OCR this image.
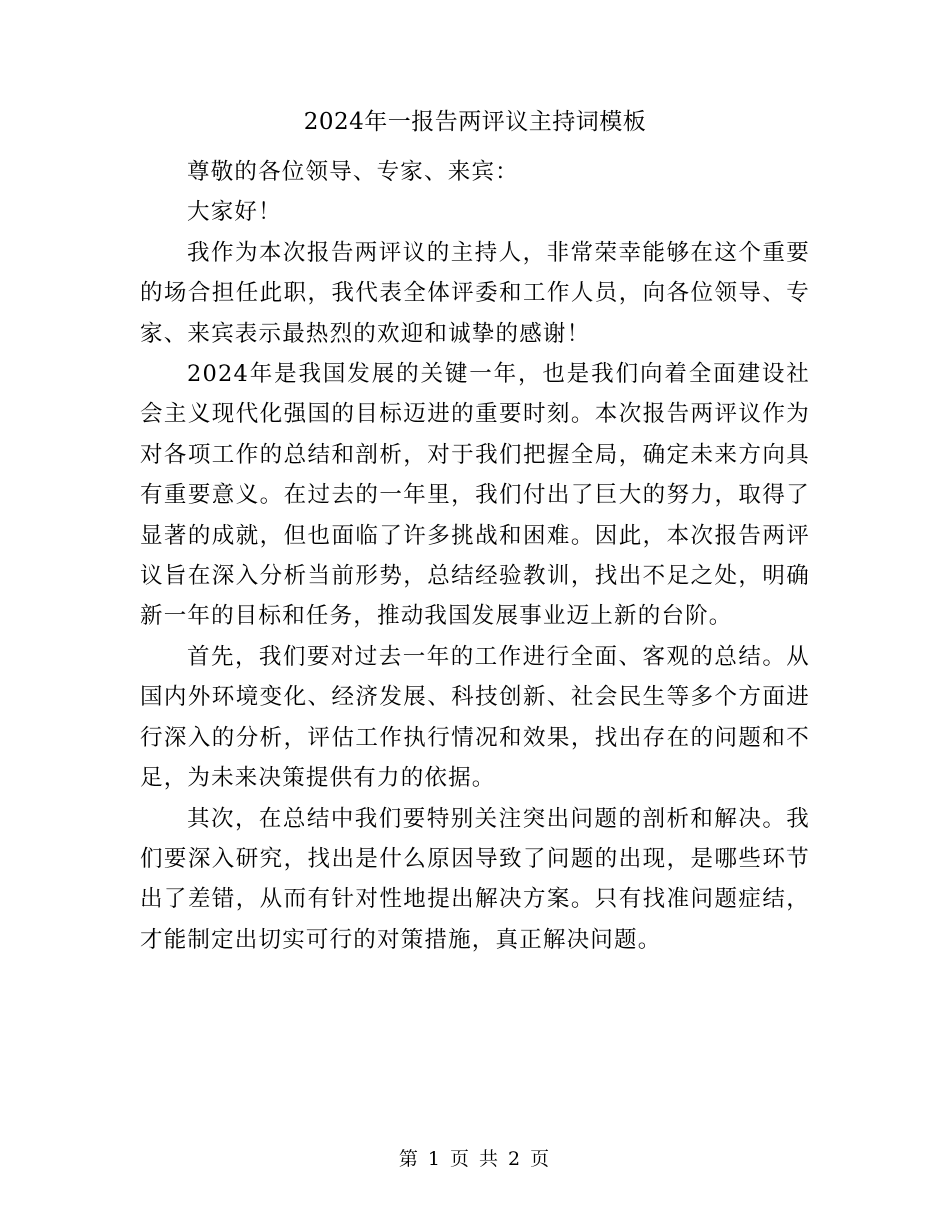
2024年一报告两评议主持词模板

尊敬的各位领导、专家、来宾：

大家好！

我作为本次报告两评议的主持人，非常荣幸能够在这个重要的场合担任此职，我代表全体评委和工作人员，向各位领导、专家、来宾表示最热烈的欢迎和诚挚的感谢！

2024年是我国发展的关键一年，也是我们向着全面建设社会主义现代化强国的目标迈进的重要时刻。本次报告两评议作为对各项工作的总结和剖析，对于我们把握全局，确定未来方向具有重要意义。在过去的一年里，我们付出了巨大的努力，取得了显著的成就，但也面临了许多挑战和困难。因此，本次报告两评议旨在深入分析当前形势，总结经验教训，找出不足之处，明确新一年的目标和任务，推动我国发展事业迈上新的台阶。

首先，我们要对过去一年的工作进行全面、客观的总结。从国内外环境变化、经济发展、科技创新、社会民生等多个方面进行深入的分析，评估工作执行情况和效果，找出存在的问题和不足，为未来决策提供有力的依据。

其次，在总结中我们要特别关注突出问题的剖析和解决。我们要深入研究，找出是什么原因导致了问题的出现，是哪些环节出了差错，从而有针对性地提出解决方案。只有找准问题症结，才能制定出切实可行的对策措施，真正解决问题。

第 1 页 共 2 页
